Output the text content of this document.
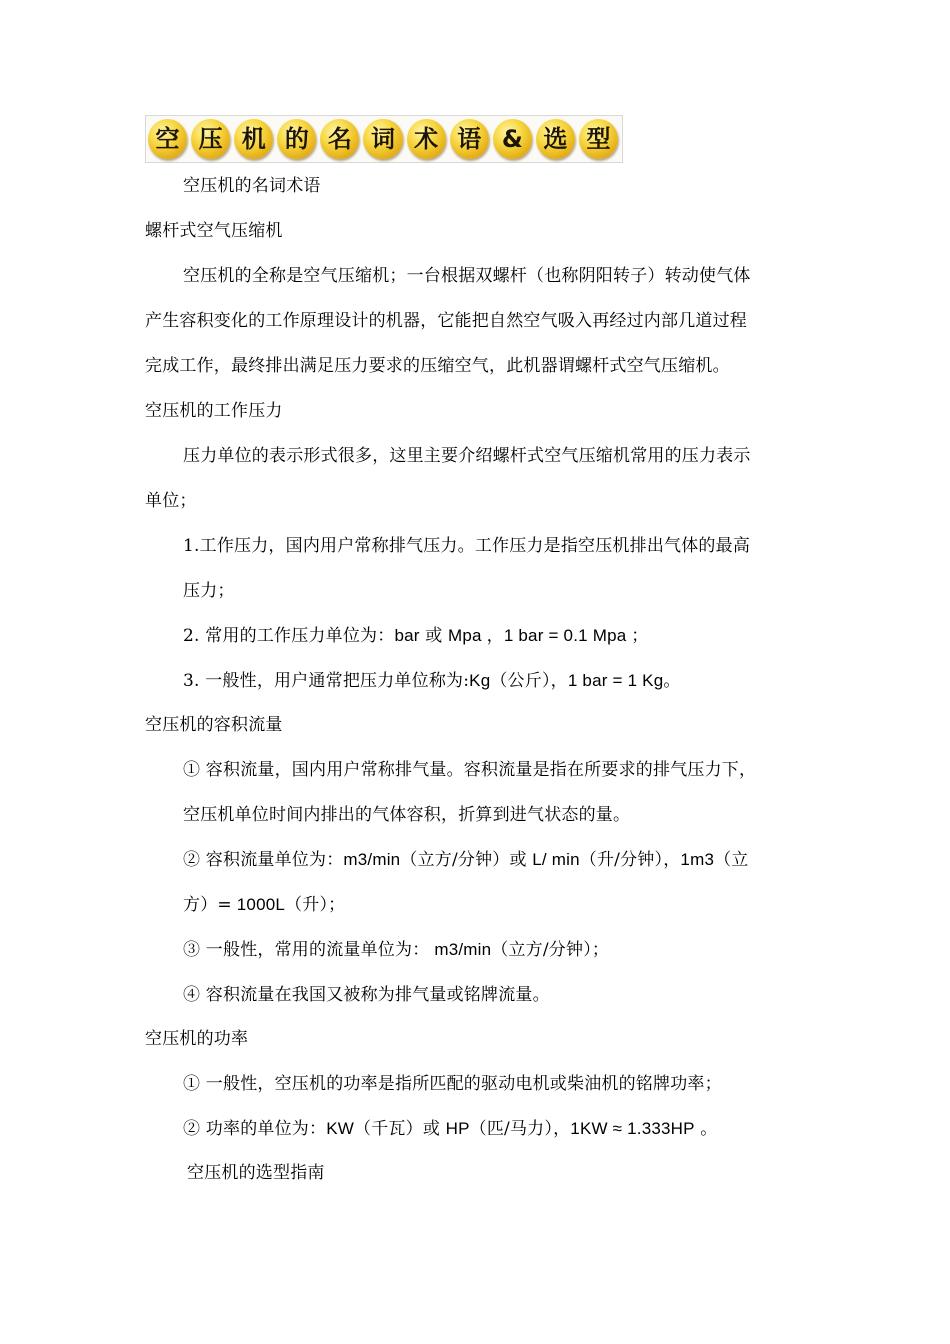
空 压 机 的 名 词 术 语 & 选 型
空压机的名词术语
螺杆式空气压缩机
空压机的全称是空气压缩机；一台根据双螺杆（也称阴阳转子）转动使气体
产生容积变化的工作原理设计的机器，它能把自然空气吸入再经过内部几道过程
完成工作，最终排出满足压力要求的压缩空气，此机器谓螺杆式空气压缩机。
空压机的工作压力
压力单位的表示形式很多，这里主要介绍螺杆式空气压缩机常用的压力表示
单位；
1.工作压力，国内用户常称排气压力。工作压力是指空压机排出气体的最高
压力；
2. 常用的工作压力单位为：bar 或 Mpa ，1 bar = 0.1 Mpa ；
3. 一般性，用户通常把压力单位称为:Kg（公斤），1 bar = 1 Kg。
空压机的容积流量
① 容积流量，国内用户常称排气量。容积流量是指在所要求的排气压力下，
空压机单位时间内排出的气体容积，折算到进气状态的量。
② 容积流量单位为：m3/min（立方/分钟）或 L/ min（升/分钟），1m3（立
方）= 1000L（升）；
③ 一般性，常用的流量单位为： m3/min（立方/分钟）；
④ 容积流量在我国又被称为排气量或铭牌流量。
空压机的功率
① 一般性，空压机的功率是指所匹配的驱动电机或柴油机的铭牌功率；
② 功率的单位为：KW（千瓦）或 HP（匹/马力），1KW ≈ 1.333HP 。
空压机的选型指南
